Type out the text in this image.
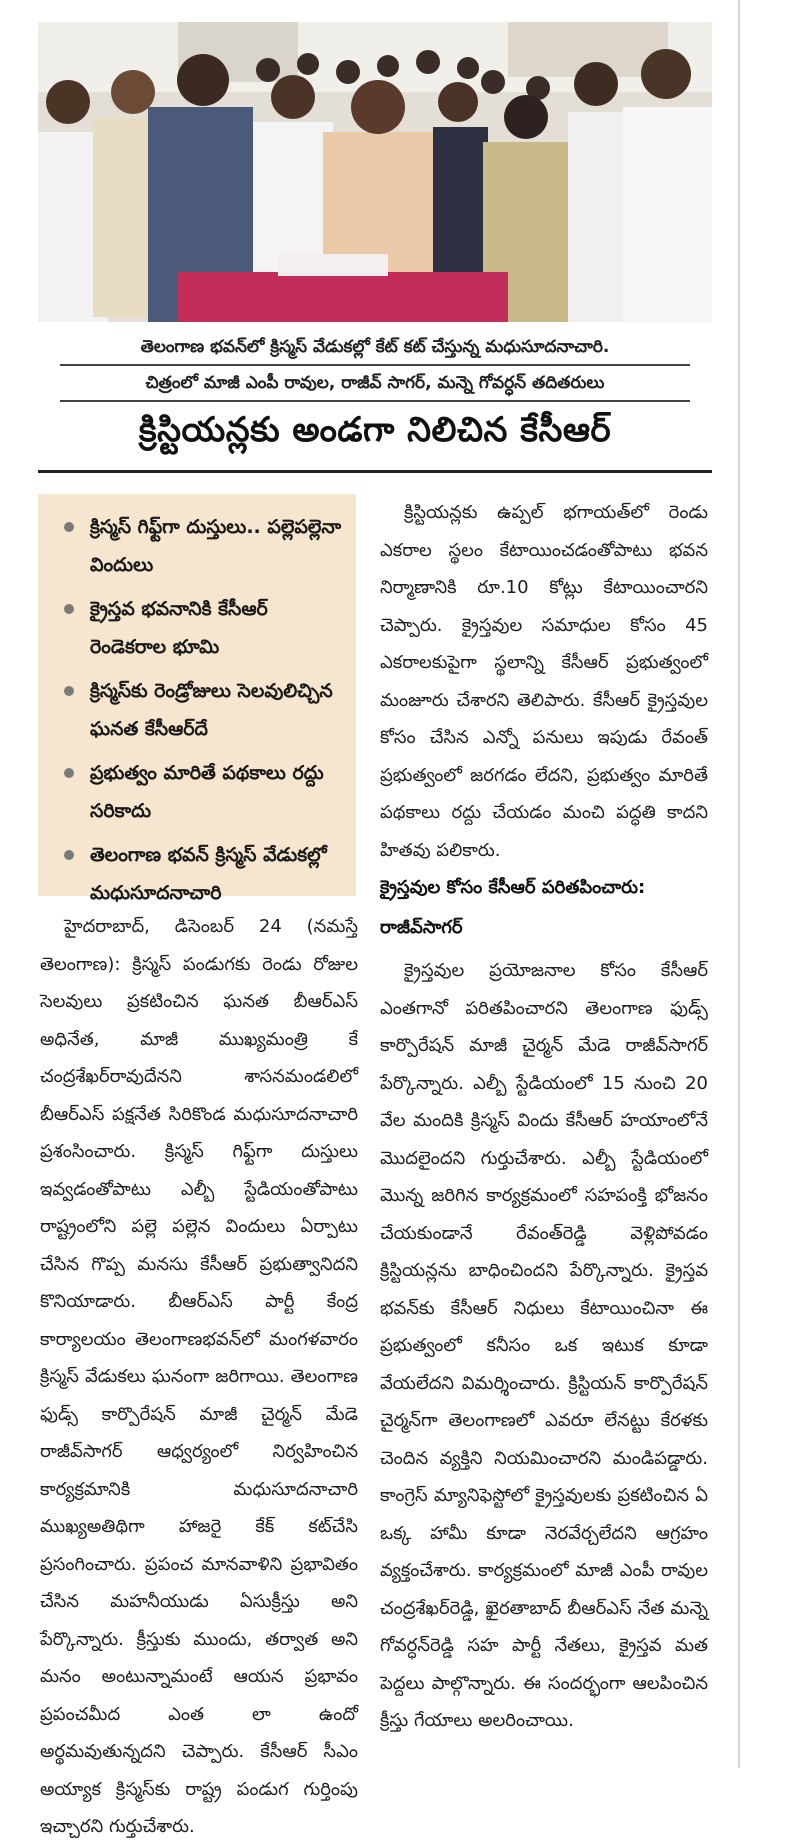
తెలంగాణ భవన్‌లో క్రిస్మస్ వేడుకల్లో కేట్ కట్ చేస్తున్న మధుసూదనాచారి.
చిత్రంలో మాజీ ఎంపీ రావుల, రాజీవ్ సాగర్, మన్నె గోవర్ధన్ తదితరులు
క్రిస్టియన్లకు అండగా నిలిచిన కేసీఆర్
క్రిస్మస్ గిఫ్ట్‌గా దుస్తులు.. పల్లెపల్లెనా విందులు
క్రైస్తవ భవనానికి కేసీఆర్ రెండెకరాల భూమి
క్రిస్మస్‌కు రెండ్రోజులు సెలవులిచ్చిన ఘనత కేసీఆర్‌దే
ప్రభుత్వం మారితే పథకాలు రద్దు సరికాదు
తెలంగాణ భవన్ క్రిస్మస్ వేడుకల్లో మధుసూదనాచారి

హైదరాబాద్, డిసెంబర్ 24 (నమస్తే తెలంగాణ): క్రిస్మస్ పండుగకు రెండు రోజుల సెలవులు ప్రకటించిన ఘనత బీఆర్‌ఎస్ అధినేత, మాజీ ముఖ్యమంత్రి కే చంద్రశేఖర్‌రావుదేనని శాసనమండలిలో బీఆర్‌ఎస్ పక్షనేత సిరికొండ మధుసూదనాచారి ప్రశంసించారు. క్రిస్మస్ గిఫ్ట్‌గా దుస్తులు ఇవ్వడంతోపాటు ఎల్బీ స్టేడియంతోపాటు రాష్ట్రంలోని పల్లె పల్లెన విందులు ఏర్పాటు చేసిన గొప్ప మనసు కేసీఆర్ ప్రభుత్వానిదని కొనియాడారు. బీఆర్‌ఎస్ పార్టీ కేంద్ర కార్యాలయం తెలంగాణభవన్‌లో మంగళవారం క్రిస్మస్ వేడుకలు ఘనంగా జరిగాయి. తెలంగాణ ఫుడ్స్ కార్పొరేషన్ మాజీ చైర్మన్ మేడె రాజీవ్‌సాగర్ ఆధ్వర్యంలో నిర్వహించిన కార్యక్రమానికి మధుసూదనాచారి ముఖ్యఅతిథిగా హాజరై కేక్ కట్‌చేసి ప్రసంగించారు. ప్రపంచ మానవాళిని ప్రభావితం చేసిన మహనీయుడు ఏసుక్రీస్తు అని పేర్కొన్నారు. క్రీస్తుకు ముందు, తర్వాత అని మనం అంటున్నామంటే ఆయన ప్రభావం ప్రపంచమీద ఎంత లా ఉందో అర్థమవుతున్నదని చెప్పారు. కేసీఆర్ సీఎం అయ్యాక క్రిస్మస్‌కు రాష్ట్ర పండుగ గుర్తింపు ఇచ్చారని గుర్తుచేశారు.

క్రిస్టియన్లకు ఉప్పల్ భగాయత్‌లో రెండు ఎకరాల స్థలం కేటాయించడంతోపాటు భవన నిర్మాణానికి రూ.10 కోట్లు కేటాయించారని చెప్పారు. క్రైస్తవుల సమాధుల కోసం 45 ఎకరాలకుపైగా స్థలాన్ని కేసీఆర్ ప్రభుత్వంలో మంజూరు చేశారని తెలిపారు. కేసీఆర్ క్రైస్తవుల కోసం చేసిన ఎన్నో పనులు ఇపుడు రేవంత్ ప్రభుత్వంలో జరగడం లేదని, ప్రభుత్వం మారితే పథకాలు రద్దు చేయడం మంచి పద్ధతి కాదని హితవు పలికారు.

క్రైస్తవుల కోసం కేసీఆర్ పరితపించారు: రాజీవ్‌సాగర్

క్రైస్తవుల ప్రయోజనాల కోసం కేసీఆర్ ఎంతగానో పరితపించారని తెలంగాణ ఫుడ్స్ కార్పొరేషన్ మాజీ చైర్మన్ మేడె రాజీవ్‌సాగర్ పేర్కొన్నారు. ఎల్బీ స్టేడియంలో 15 నుంచి 20 వేల మందికి క్రిస్మస్ విందు కేసీఆర్ హయాంలోనే మొదలైందని గుర్తుచేశారు. ఎల్బీ స్టేడియంలో మొన్న జరిగిన కార్యక్రమంలో సహపంక్తి భోజనం చేయకుండానే రేవంత్‌రెడ్డి వెళ్లిపోవడం క్రిస్టియన్లను బాధించిందని పేర్కొన్నారు. క్రైస్తవ భవన్‌కు కేసీఆర్ నిధులు కేటాయించినా ఈ ప్రభుత్వంలో కనీసం ఒక ఇటుక కూడా వేయలేదని విమర్శించారు. క్రిస్టియన్ కార్పొరేషన్ చైర్మన్‌గా తెలంగాణలో ఎవరూ లేనట్టు కేరళకు చెందిన వ్యక్తిని నియమించారని మండిపడ్డారు. కాంగ్రెస్ మ్యానిఫెస్టోలో క్రైస్తవులకు ప్రకటించిన ఏ ఒక్క హామీ కూడా నెరవేర్చలేదని ఆగ్రహం వ్యక్తంచేశారు. కార్యక్రమంలో మాజీ ఎంపీ రావుల చంద్రశేఖర్‌రెడ్డి, ఖైరతాబాద్ బీఆర్‌ఎస్ నేత మన్నె గోవర్ధన్‌రెడ్డి సహ పార్టీ నేతలు, క్రైస్తవ మత పెద్దలు పాల్గొన్నారు. ఈ సందర్భంగా ఆలపించిన క్రీస్తు గేయాలు అలరించాయి.
